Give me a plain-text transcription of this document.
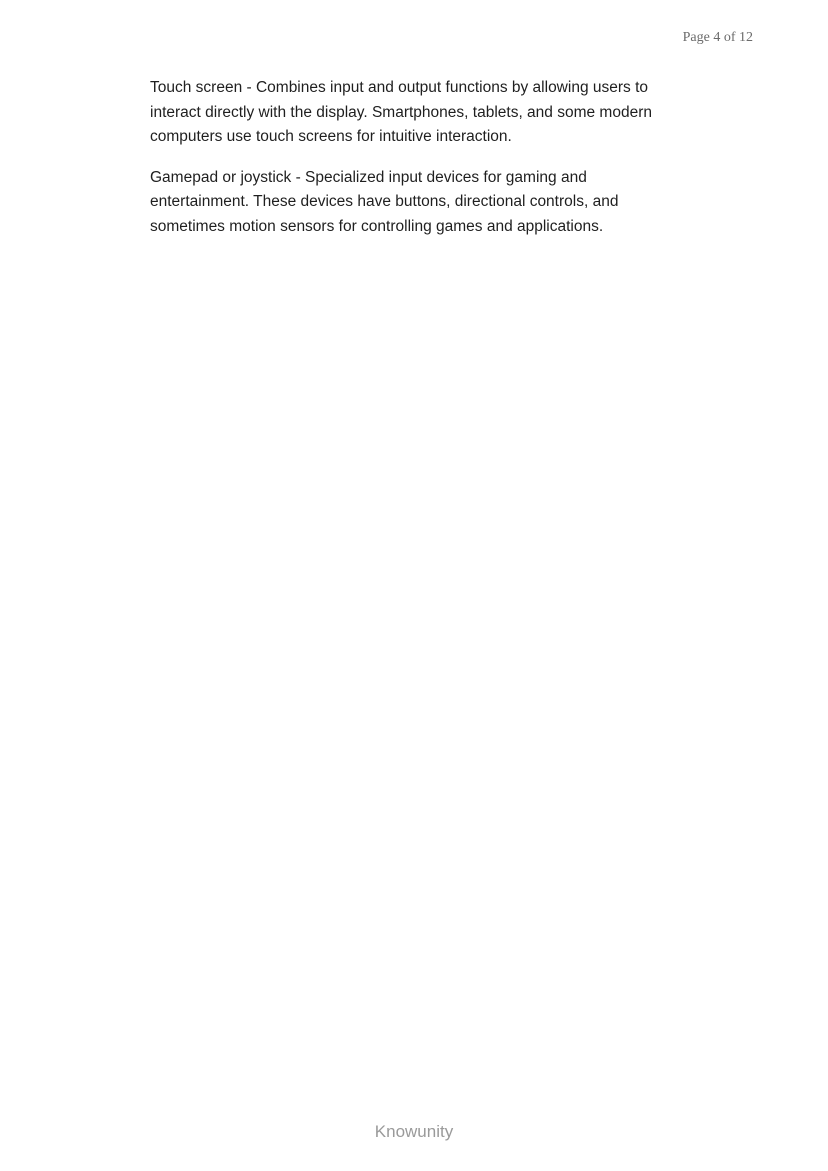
Page 4 of 12

Touch screen - Combines input and output functions by allowing users to interact directly with the display. Smartphones, tablets, and some modern computers use touch screens for intuitive interaction.

Gamepad or joystick - Specialized input devices for gaming and entertainment. These devices have buttons, directional controls, and sometimes motion sensors for controlling games and applications.

Knowunity
